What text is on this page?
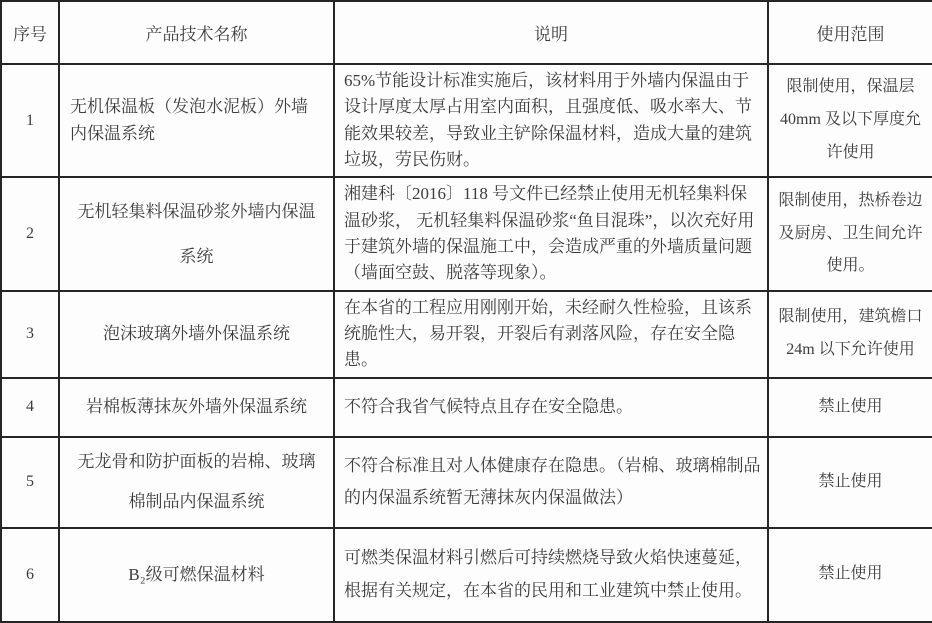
序号	产品技术名称	说明	使用范围
1	无机保温板（发泡水泥板）外墙内保温系统	65%节能设计标准实施后，该材料用于外墙内保温由于设计厚度太厚占用室内面积，且强度低、吸水率大、节能效果较差，导致业主铲除保温材料，造成大量的建筑垃圾，劳民伤财。	限制使用，保温层40mm 及以下厚度允许使用
2	无机轻集料保温砂浆外墙内保温系统	湘建科〔2016〕118 号文件已经禁止使用无机轻集料保温砂浆， 无机轻集料保温砂浆“鱼目混珠”，以次充好用于建筑外墙的保温施工中，会造成严重的外墙质量问题（墙面空鼓、脱落等现象）。	限制使用，热桥卷边及厨房、卫生间允许使用。
3	泡沫玻璃外墙外保温系统	在本省的工程应用刚刚开始，未经耐久性检验，且该系统脆性大，易开裂，开裂后有剥落风险，存在安全隐患。	限制使用，建筑檐口 24m 以下允许使用
4	岩棉板薄抹灰外墙外保温系统	不符合我省气候特点且存在安全隐患。	禁止使用
5	无龙骨和防护面板的岩棉、玻璃棉制品内保温系统	不符合标准且对人体健康存在隐患。（岩棉、玻璃棉制品的内保温系统暂无薄抹灰内保温做法）	禁止使用
6	B₂级可燃保温材料	可燃类保温材料引燃后可持续燃烧导致火焰快速蔓延，根据有关规定，在本省的民用和工业建筑中禁止使用。	禁止使用
